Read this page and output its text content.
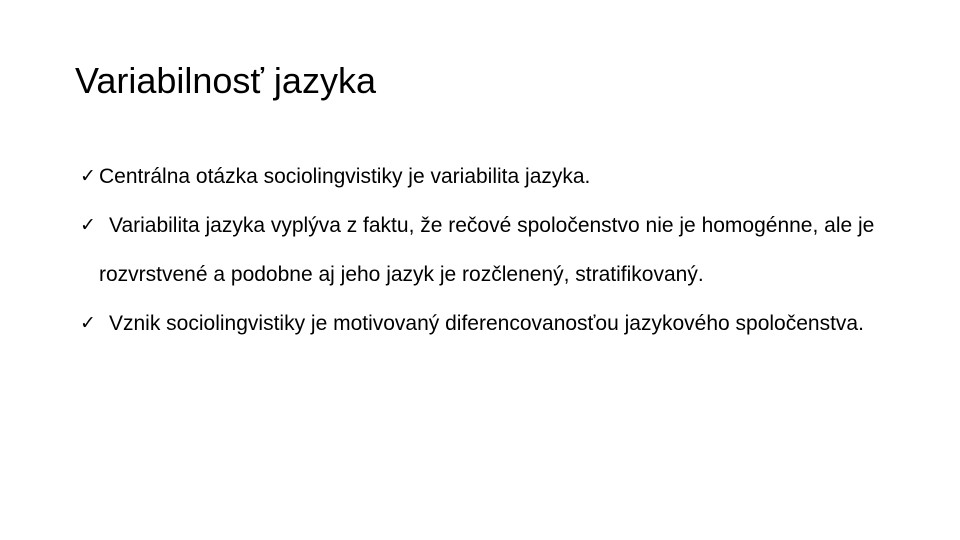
Variabilnosť jazyka
✓ Centrálna otázka sociolingvistiky je variabilita jazyka.
✓ Variabilita jazyka vyplýva z faktu, že rečové spoločenstvo nie je homogénne, ale je rozvrstvené a podobne aj jeho jazyk je rozčlenený, stratifikovaný.
✓ Vznik sociolingvistiky je motivovaný diferencovanosťou jazykového spoločenstva.
